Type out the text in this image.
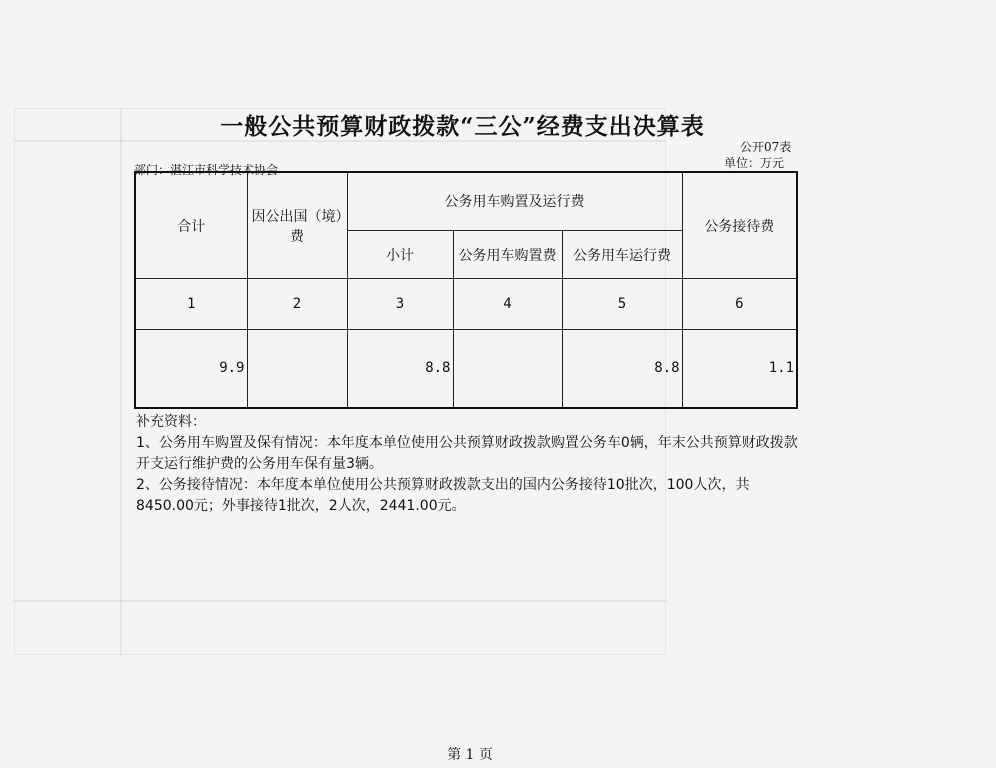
一般公共预算财政拨款“三公”经费支出决算表
公开07表
单位：万元
部门：湛江市科学技术协会
合计	因公出国（境）费	公务用车购置及运行费			公务接待费
		小计	公务用车购置费	公务用车运行费	
1	2	3	4	5	6
9.9		8.8		8.8	1.1

补充资料：

1、公务用车购置及保有情况：本年度本单位使用公共预算财政拨款购置公务车0辆，年末公共预算财政拨款开支运行维护费的公务用车保有量3辆。

2、公务接待情况：本年度本单位使用公共预算财政拨款支出的国内公务接待10批次，100人次，共8450.00元；外事接待1批次，2人次，2441.00元。

第 1 页
